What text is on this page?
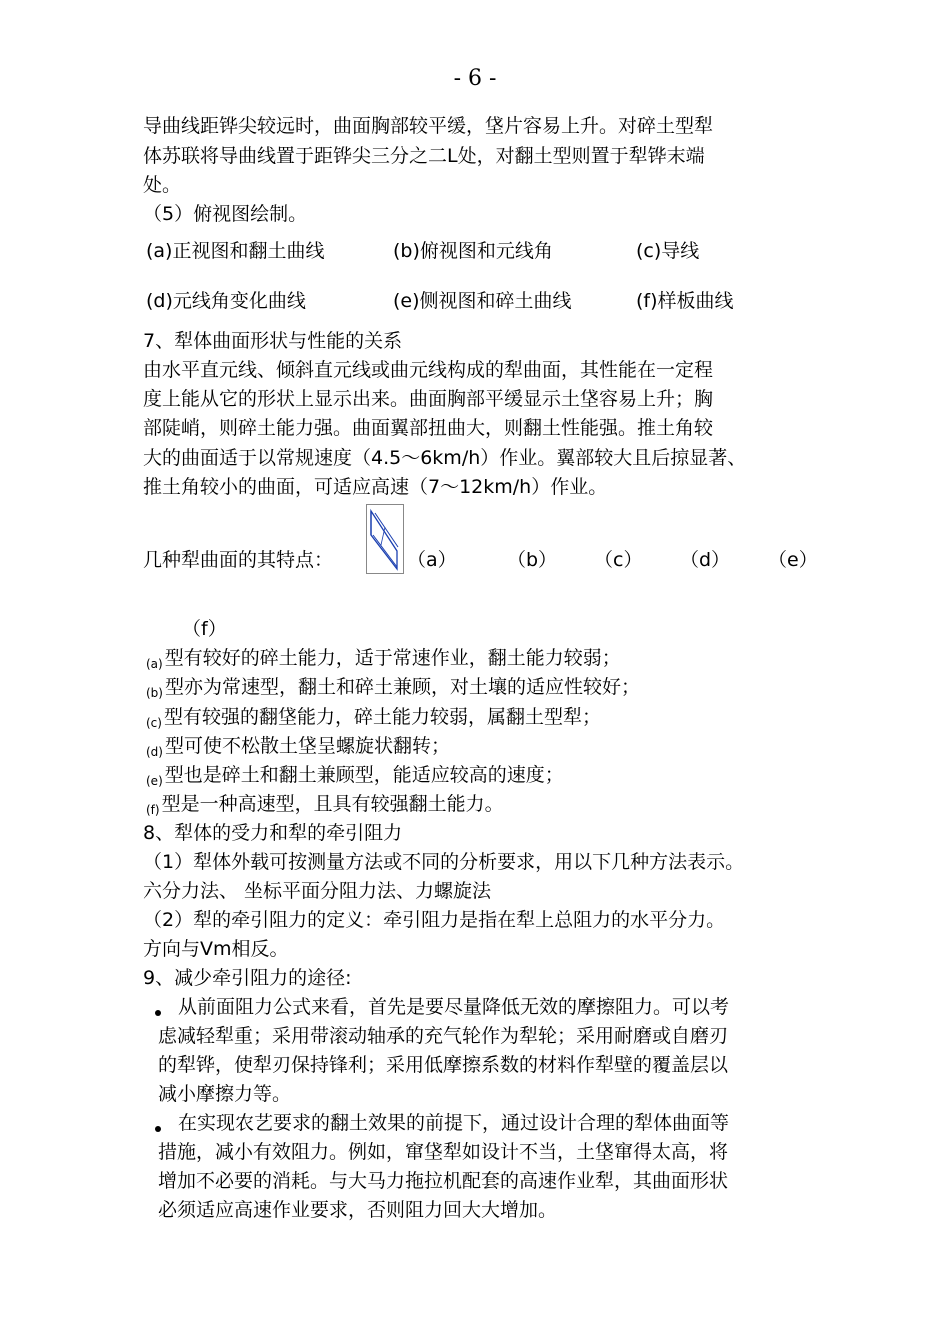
- 6 -
导曲线距铧尖较远时，曲面胸部较平缓，垡片容易上升。对碎土型犁
体苏联将导曲线置于距铧尖三分之二L处，对翻土型则置于犁铧末端
处。
（5）俯视图绘制。
(a)正视图和翻土曲线	(b)俯视图和元线角	(c)导线
(d)元线角变化曲线	(e)侧视图和碎土曲线	(f)样板曲线
7、犁体曲面形状与性能的关系
由水平直元线、倾斜直元线或曲元线构成的犁曲面，其性能在一定程
度上能从它的形状上显示出来。曲面胸部平缓显示土垡容易上升；胸
部陡峭，则碎土能力强。曲面翼部扭曲大，则翻土性能强。推土角较
大的曲面适于以常规速度（4.5～6km/h）作业。翼部较大且后掠显著、
推土角较小的曲面，可适应高速（7～12km/h）作业。
几种犁曲面的其特点：	（a）	（b） （c） （d） （e）
（f）
$_{(a)}$ 型有较好的碎土能力，适于常速作业，翻土能力较弱；
$_{(b)}$ 型亦为常速型，翻土和碎土兼顾，对土壤的适应性较好；
$_{(c)}$ 型有较强的翻垡能力，碎土能力较弱，属翻土型犁；
$_{(d)}$ 型可使不松散土垡呈螺旋状翻转；
$_{(e)}$ 型也是碎土和翻土兼顾型，能适应较高的速度；
$_{(f)}$ 型是一种高速型，且具有较强翻土能力。
8、犁体的受力和犁的牵引阻力
（1）犁体外载可按测量方法或不同的分析要求，用以下几种方法表示。
六分力法、 坐标平面分阻力法、力螺旋法
（2）犁的牵引阻力的定义：牵引阻力是指在犁上总阻力的水平分力。
方向与Vm相反。
9、减少牵引阻力的途径:
从前面阻力公式来看，首先是要尽量降低无效的摩擦阻力。可以考
虑减轻犁重；采用带滚动轴承的充气轮作为犁轮；采用耐磨或自磨刃
的犁铧，使犁刃保持锋利；采用低摩擦系数的材料作犁壁的覆盖层以
减小摩擦力等。
在实现农艺要求的翻土效果的前提下，通过设计合理的犁体曲面等
措施，减小有效阻力。例如，窜垡犁如设计不当，土垡窜得太高，将
增加不必要的消耗。与大马力拖拉机配套的高速作业犁，其曲面形状
必须适应高速作业要求，否则阻力回大大增加。
